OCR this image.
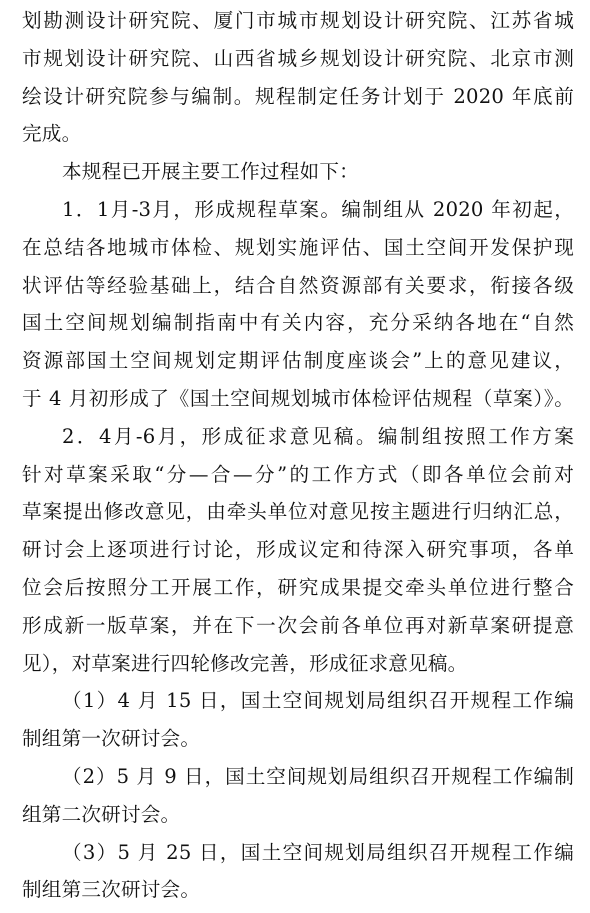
划勘测设计研究院、厦门市城市规划设计研究院、江苏省城
市规划设计研究院、山西省城乡规划设计研究院、北京市测
绘设计研究院参与编制。规程制定任务计划于 2020 年底前
完成。
本规程已开展主要工作过程如下：
1．1月-3月，形成规程草案。编制组从 2020 年初起，
在总结各地城市体检、规划实施评估、国土空间开发保护现
状评估等经验基础上，结合自然资源部有关要求，衔接各级
国土空间规划编制指南中有关内容，充分采纳各地在“自然
资源部国土空间规划定期评估制度座谈会”上的意见建议，
于 4 月初形成了《国土空间规划城市体检评估规程（草案）》。
2．4月-6月，形成征求意见稿。编制组按照工作方案
针对草案采取“分—合—分”的工作方式（即各单位会前对
草案提出修改意见，由牵头单位对意见按主题进行归纳汇总，
研讨会上逐项进行讨论，形成议定和待深入研究事项，各单
位会后按照分工开展工作，研究成果提交牵头单位进行整合
形成新一版草案，并在下一次会前各单位再对新草案研提意
见），对草案进行四轮修改完善，形成征求意见稿。
（1）4 月 15 日，国土空间规划局组织召开规程工作编
制组第一次研讨会。
（2）5 月 9 日，国土空间规划局组织召开规程工作编制
组第二次研讨会。
（3）5 月 25 日，国土空间规划局组织召开规程工作编
制组第三次研讨会。
